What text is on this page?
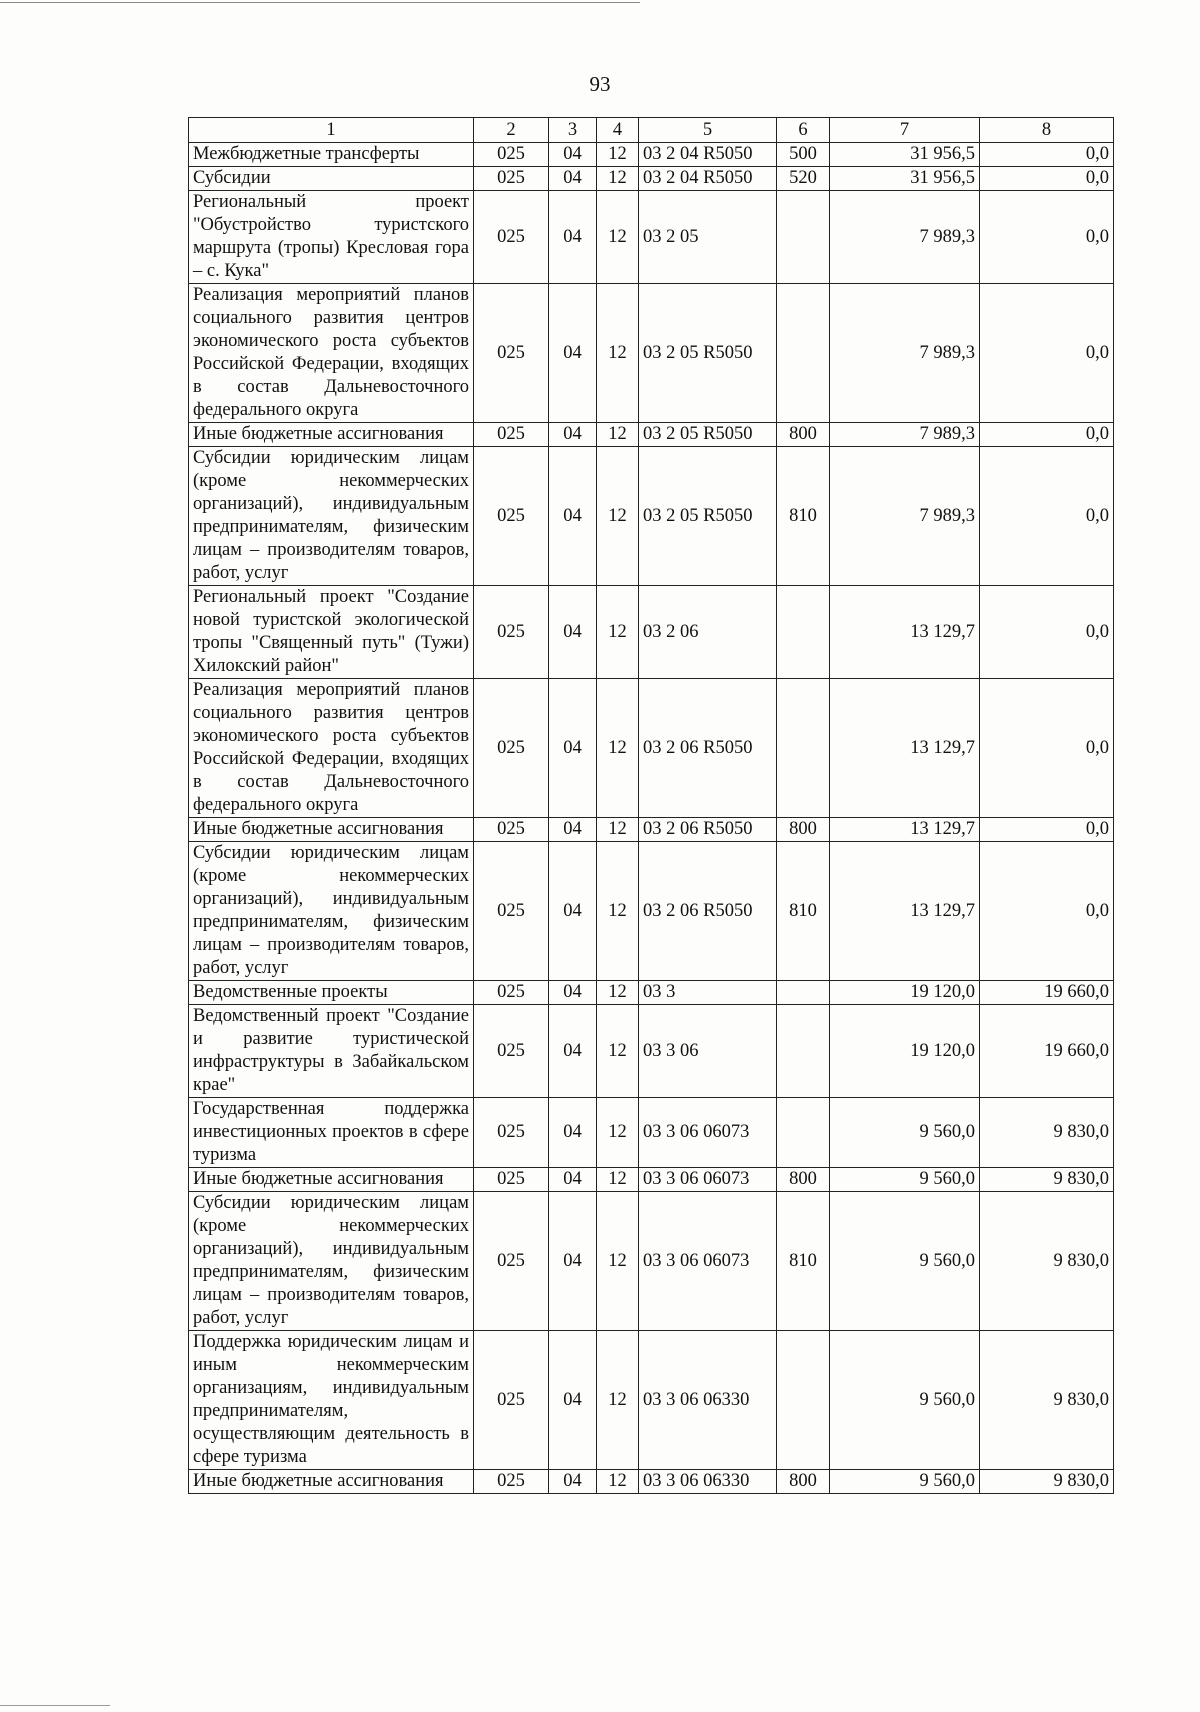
93
1	2	3	4	5	6	7	8
Межбюджетные трансферты	025	04	12	03 2 04 R5050	500	31 956,5	0,0
Субсидии	025	04	12	03 2 04 R5050	520	31 956,5	0,0
Региональный проект "Обустройство туристского маршрута (тропы) Кресловая гора – с. Кука"	025	04	12	03 2 05		7 989,3	0,0
Реализация мероприятий планов социального развития центров экономического роста субъектов Российской Федерации, входящих в состав Дальневосточного федерального округа	025	04	12	03 2 05 R5050		7 989,3	0,0
Иные бюджетные ассигнования	025	04	12	03 2 05 R5050	800	7 989,3	0,0
Субсидии юридическим лицам (кроме некоммерческих организаций), индивидуальным предпринимателям, физическим лицам – производителям товаров, работ, услуг	025	04	12	03 2 05 R5050	810	7 989,3	0,0
Региональный проект "Создание новой туристской экологической тропы "Священный путь" (Тужи) Хилокский район"	025	04	12	03 2 06		13 129,7	0,0
Реализация мероприятий планов социального развития центров экономического роста субъектов Российской Федерации, входящих в состав Дальневосточного федерального округа	025	04	12	03 2 06 R5050		13 129,7	0,0
Иные бюджетные ассигнования	025	04	12	03 2 06 R5050	800	13 129,7	0,0
Субсидии юридическим лицам (кроме некоммерческих организаций), индивидуальным предпринимателям, физическим лицам – производителям товаров, работ, услуг	025	04	12	03 2 06 R5050	810	13 129,7	0,0
Ведомственные проекты	025	04	12	03 3		19 120,0	19 660,0
Ведомственный проект "Создание и развитие туристической инфраструктуры в Забайкальском крае"	025	04	12	03 3 06		19 120,0	19 660,0
Государственная поддержка инвестиционных проектов в сфере туризма	025	04	12	03 3 06 06073		9 560,0	9 830,0
Иные бюджетные ассигнования	025	04	12	03 3 06 06073	800	9 560,0	9 830,0
Субсидии юридическим лицам (кроме некоммерческих организаций), индивидуальным предпринимателям, физическим лицам – производителям товаров, работ, услуг	025	04	12	03 3 06 06073	810	9 560,0	9 830,0
Поддержка юридическим лицам и иным некоммерческим организациям, индивидуальным предпринимателям, осуществляющим деятельность в сфере туризма	025	04	12	03 3 06 06330		9 560,0	9 830,0
Иные бюджетные ассигнования	025	04	12	03 3 06 06330	800	9 560,0	9 830,0
